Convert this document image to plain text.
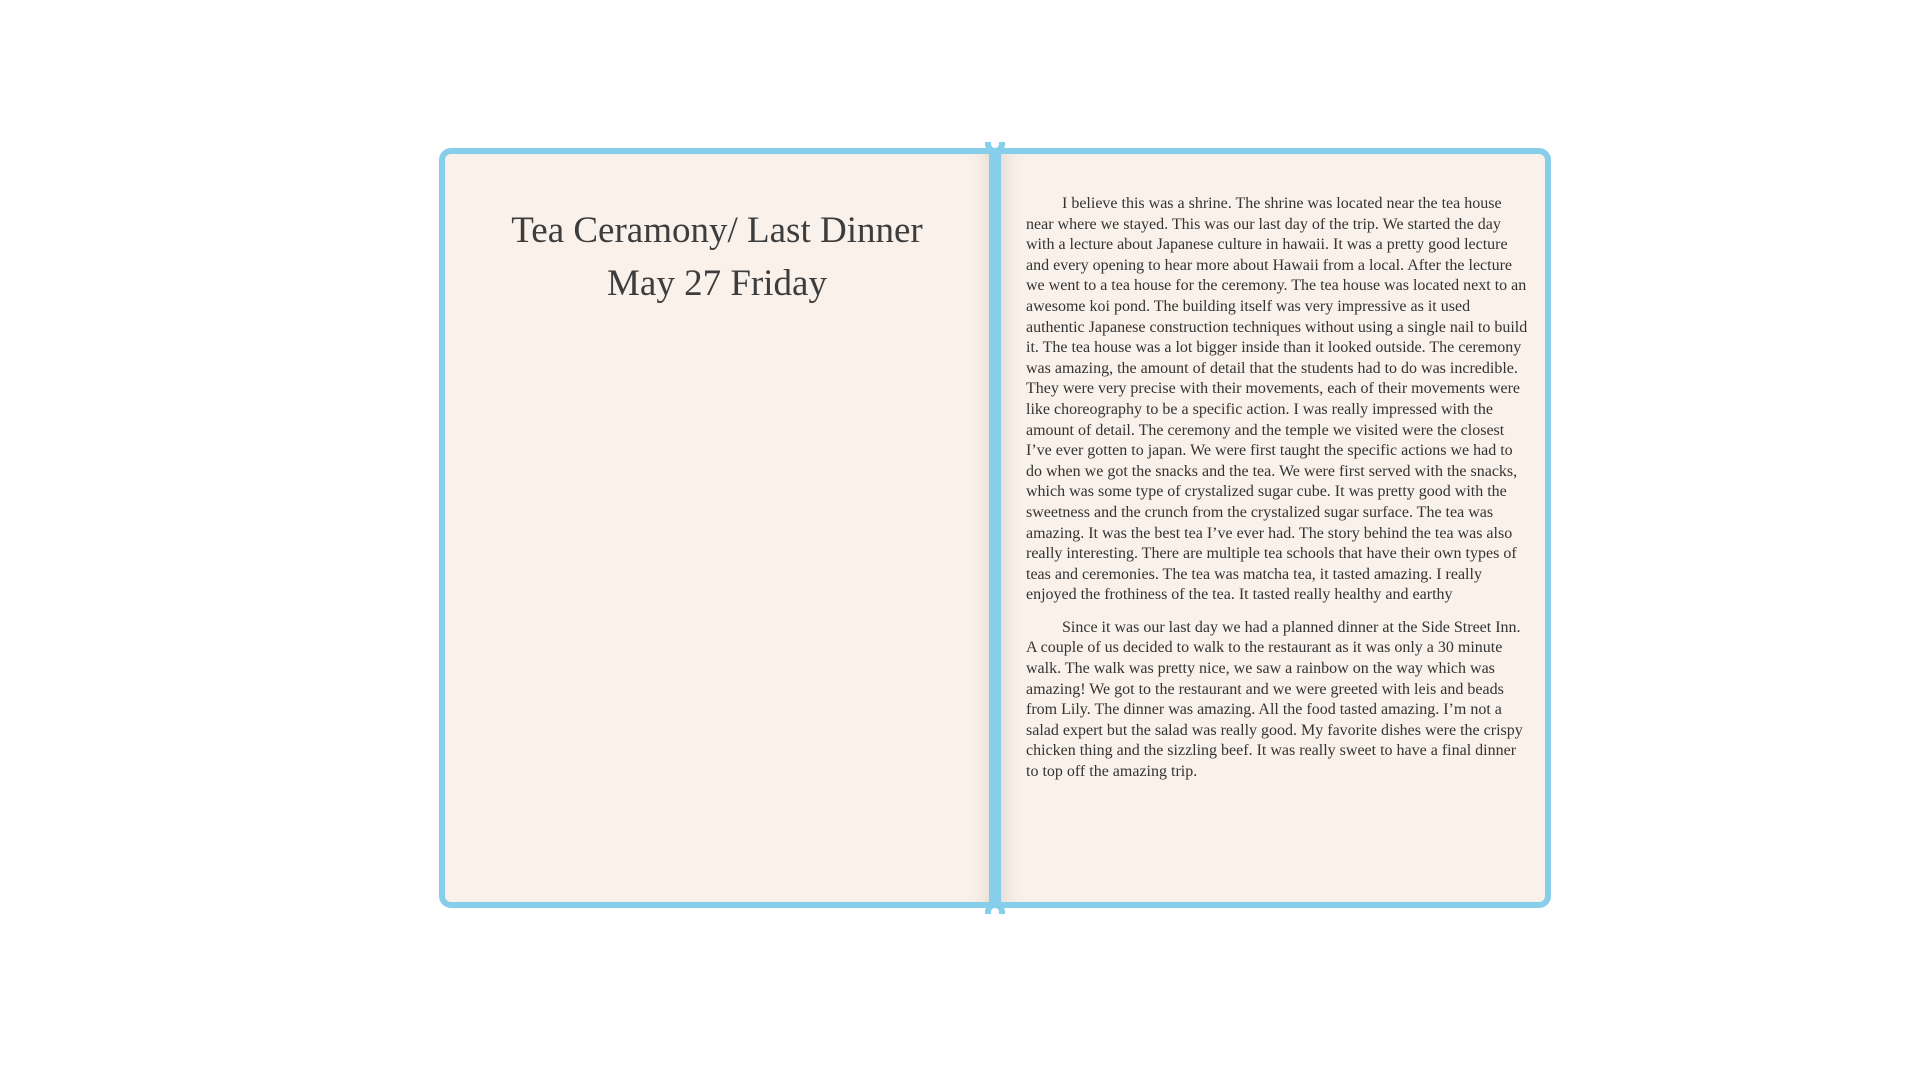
Tea Ceramony/ Last Dinner
May 27 Friday

I believe this was a shrine. The shrine was located near the tea house near where we stayed. This was our last day of the trip. We started the day with a lecture about Japanese culture in hawaii. It was a pretty good lecture and every opening to hear more about Hawaii from a local. After the lecture we went to a tea house for the ceremony. The tea house was located next to an awesome koi pond. The building itself was very impressive as it used authentic Japanese construction techniques without using a single nail to build it. The tea house was a lot bigger inside than it looked outside. The ceremony was amazing, the amount of detail that the students had to do was incredible. They were very precise with their movements, each of their movements were like choreography to be a specific action. I was really impressed with the amount of detail. The ceremony and the temple we visited were the closest I’ve ever gotten to japan. We were first taught the specific actions we had to do when we got the snacks and the tea. We were first served with the snacks, which was some type of crystalized sugar cube. It was pretty good with the sweetness and the crunch from the crystalized sugar surface. The tea was amazing. It was the best tea I’ve ever had. The story behind the tea was also really interesting. There are multiple tea schools that have their own types of teas and ceremonies. The tea was matcha tea, it tasted amazing. I really enjoyed the frothiness of the tea. It tasted really healthy and earthy

Since it was our last day we had a planned dinner at the Side Street Inn. A couple of us decided to walk to the restaurant as it was only a 30 minute walk. The walk was pretty nice, we saw a rainbow on the way which was amazing! We got to the restaurant and we were greeted with leis and beads from Lily. The dinner was amazing. All the food tasted amazing. I’m not a salad expert but the salad was really good. My favorite dishes were the crispy chicken thing and the sizzling beef. It was really sweet to have a final dinner to top off the amazing trip.
